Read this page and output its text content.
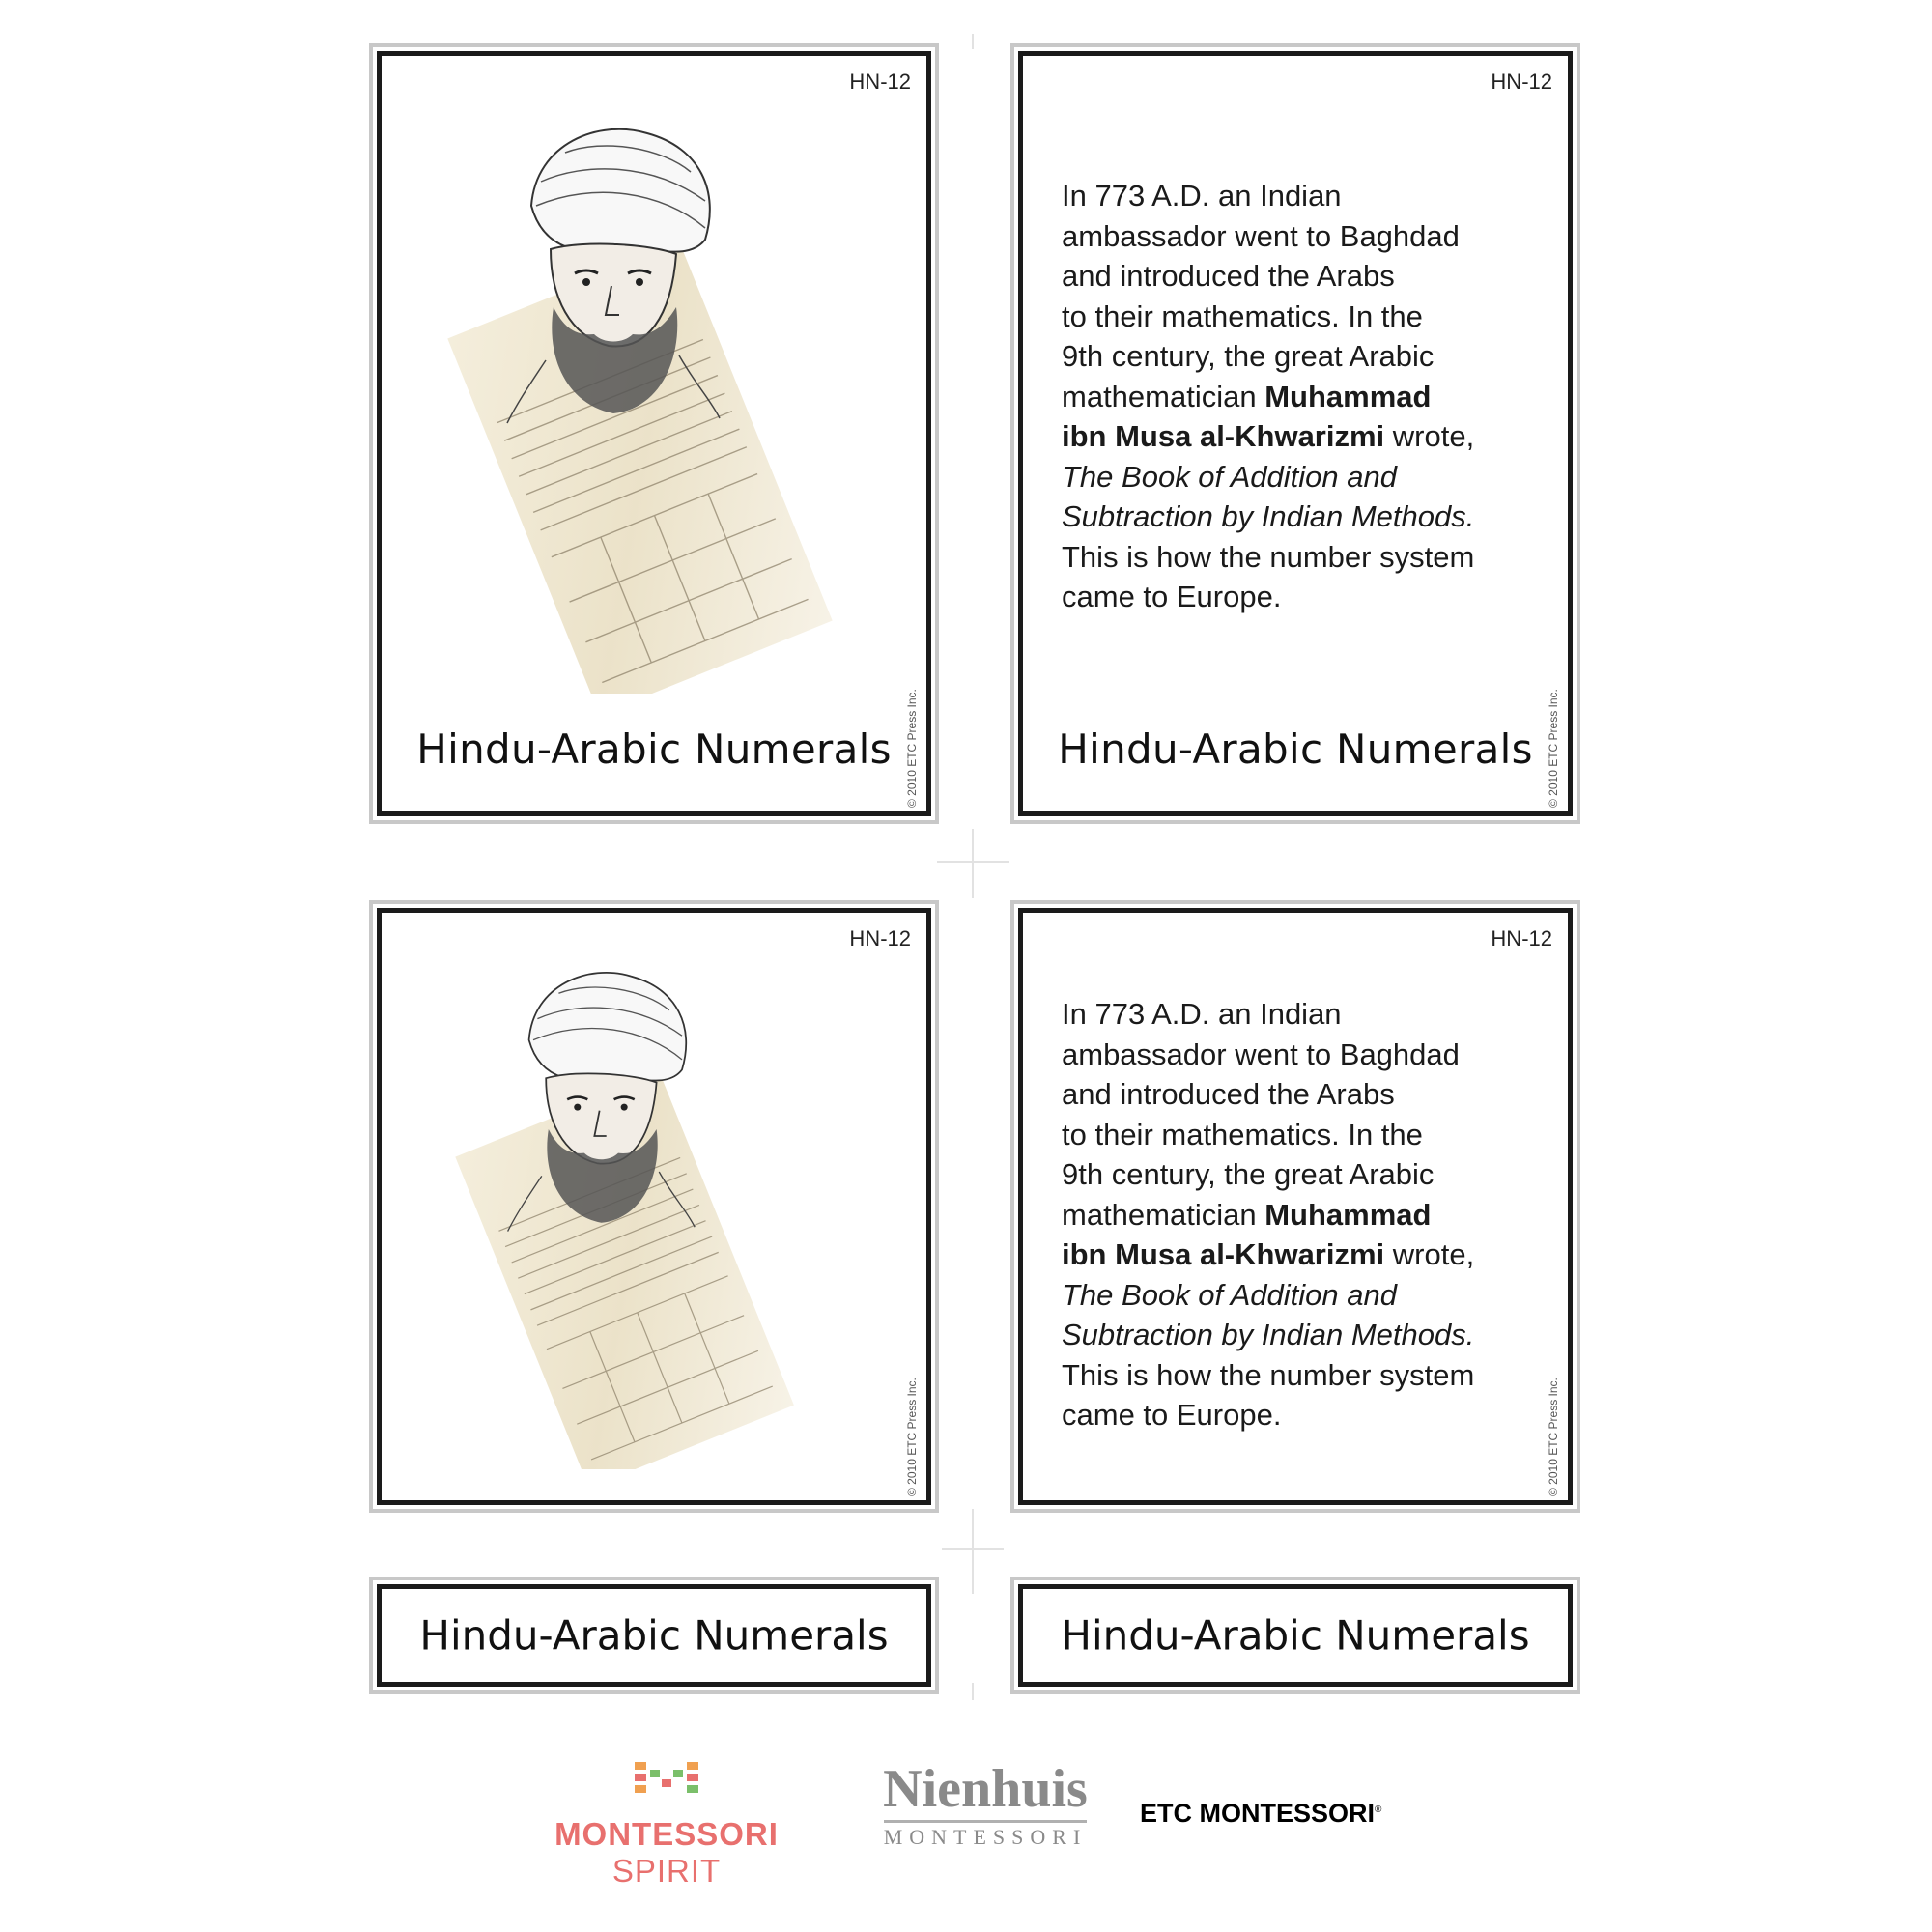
HN-12
© 2010 ETC Press Inc.
Hindu-Arabic Numerals
HN-12
In 773 A.D. an Indian
ambassador went to Baghdad
and introduced the Arabs
to their mathematics. In the
9th century, the great Arabic
mathematician Muhammad
ibn Musa al-Khwarizmi wrote,
The Book of Addition and
Subtraction by Indian Methods.
This is how the number system
came to Europe.
© 2010 ETC Press Inc.
Hindu-Arabic Numerals
HN-12
© 2010 ETC Press Inc.
HN-12
In 773 A.D. an Indian
ambassador went to Baghdad
and introduced the Arabs
to their mathematics. In the
9th century, the great Arabic
mathematician Muhammad
ibn Musa al-Khwarizmi wrote,
The Book of Addition and
Subtraction by Indian Methods.
This is how the number system
came to Europe.	© 2010 ETC Press Inc.
Hindu-Arabic Numerals	Hindu-Arabic Numerals
MONTESSORI SPIRIT
Nienhuis
MONTESSORI
ETC MONTESSORI®
